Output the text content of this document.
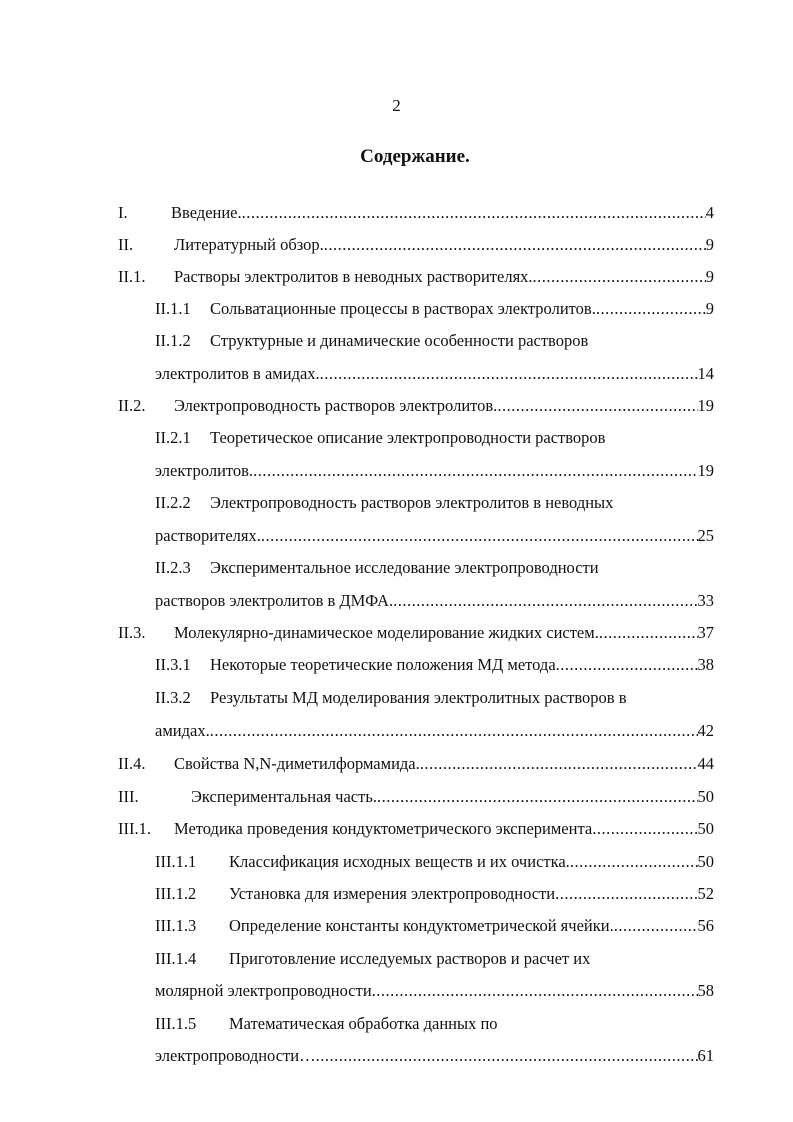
2
Содержание.
I.	Введение. .....	4
II. Литературный обзор. .....	9
II.1. Растворы электролитов в неводных растворителях. .....	9
II.1.1 Сольватационные процессы в растворах электролитов. .....	9
II.1.2 Структурные и динамические особенности растворов
электролитов в амидах. .....	14
II.2. Электропроводность растворов электролитов. .....	19
II.2.1 Теоретическое описание электропроводности растворов
электролитов. .....	19
II.2.2 Электропроводность растворов электролитов в неводных
растворителях. .....	25
II.2.3 Экспериментальное исследование электропроводности
растворов электролитов в ДМФА. .....	33
II.3. Молекулярно-динамическое моделирование жидких систем. .....	37
II.3.1 Некоторые теоретические положения МД метода .....	38
II.3.2 Результаты МД моделирования электролитных растворов в
амидах. .....	42
II.4. Свойства N,N-диметилформамида. .....	44
III.	Экспериментальная часть. .....	50
III.1. Методика проведения кондуктометрического эксперимента .....	50
III.1.1 Классификация исходных веществ и их очистка. .....	50
III.1.2 Установка для измерения электропроводности .....	52
III.1.3 Определение константы кондуктометрической ячейки. .....	56
III.1.4 Приготовление исследуемых растворов и расчет их
молярной электропроводности .....	58
III.1.5 Математическая обработка данных по
электропроводности… .....	61
